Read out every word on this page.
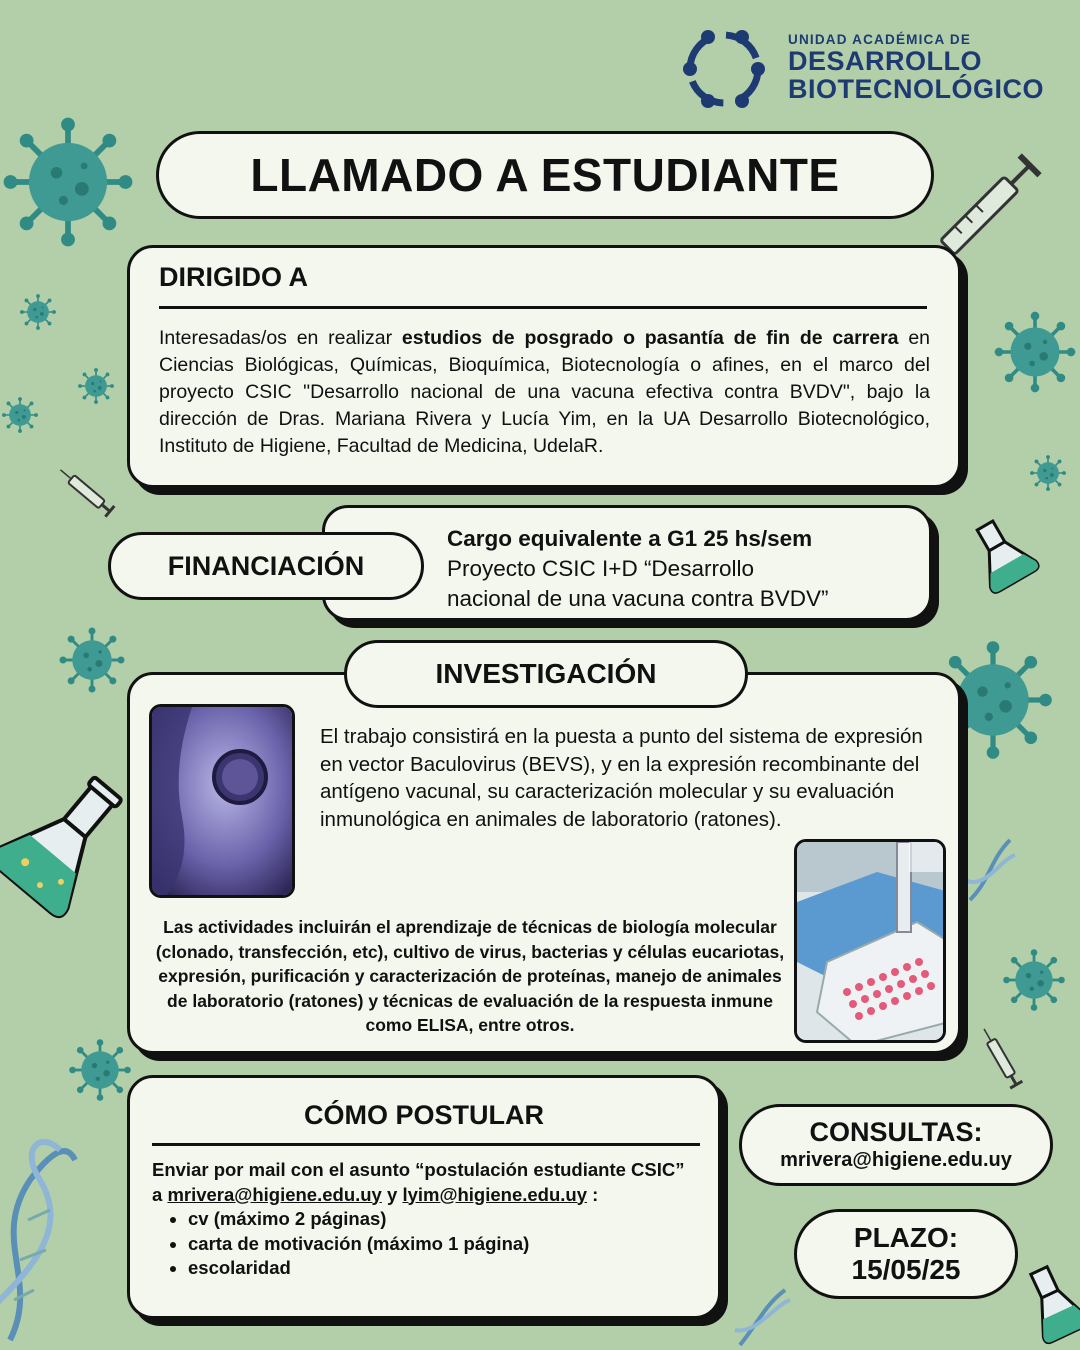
UNIDAD ACADÉMICA DE
DESARROLLO
BIOTECNOLÓGICO
LLAMADO A ESTUDIANTE
DIRIGIDO A

Interesadas/os en realizar estudios de posgrado o pasantía de fin de carrera en Ciencias Biológicas, Químicas, Bioquímica, Biotecnología o afines, en el marco del proyecto CSIC "Desarrollo nacional de una vacuna efectiva contra BVDV", bajo la dirección de Dras. Mariana Rivera y Lucía Yim, en la UA Desarrollo Biotecnológico, Instituto de Higiene, Facultad de Medicina, UdelaR.

Cargo equivalente a G1 25 hs/sem
Proyecto CSIC I+D “Desarrollo
nacional de una vacuna contra BVDV”
FINANCIACIÓN
El trabajo consistirá en la puesta a punto del sistema de expresión en vector Baculovirus (BEVS), y en la expresión recombinante del antígeno vacunal, su caracterización molecular y su evaluación inmunológica en animales de laboratorio (ratones).
Las actividades incluirán el aprendizaje de técnicas de biología molecular (clonado, transfección, etc), cultivo de virus, bacterias y células eucariotas, expresión, purificación y caracterización de proteínas, manejo de animales de laboratorio (ratones) y técnicas de evaluación de la respuesta inmune como ELISA, entre otros.
INVESTIGACIÓN
CÓMO POSTULAR
Enviar por mail con el asunto “postulación estudiante CSIC” a mrivera@higiene.edu.uy y lyim@higiene.edu.uy :
• cv (máximo 2 páginas)
• carta de motivación (máximo 1 página)
• escolaridad
CONSULTAS:
mrivera@higiene.edu.uy
PLAZO:
15/05/25
